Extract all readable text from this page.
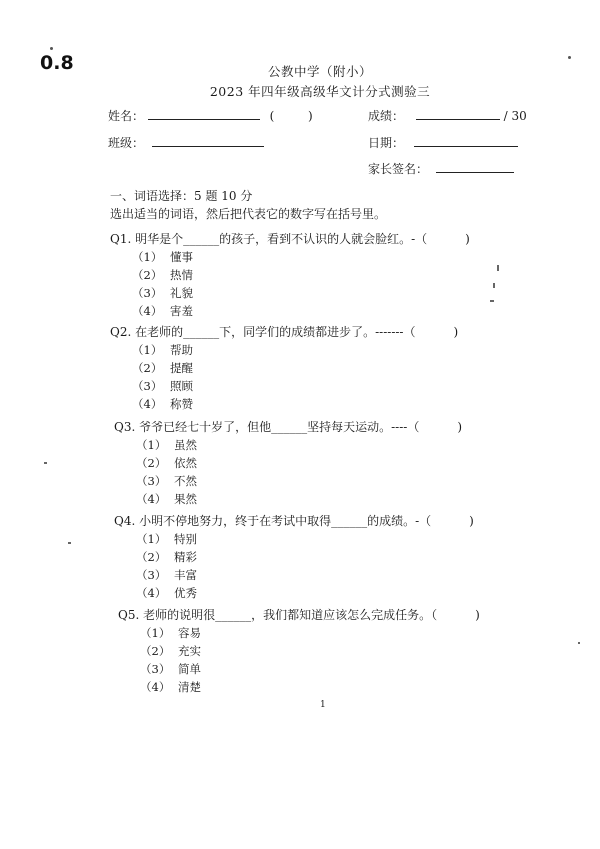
0.8	公教中学（附小）
2023 年四年级高级华文计分式测验三
姓名：	(	)	成绩：	/ 30
班级：	日期：
家长签名：
一、词语选择：5 题 10 分
选出适当的词语，然后把代表它的数字写在括号里。
Q1. 明华是个______的孩子，看到不认识的人就会脸红。-（	)
（1） 懂事
（2） 热情
（3） 礼貌
（4） 害羞
Q2. 在老师的______下，同学们的成绩都进步了。-------（	)
（1） 帮助
（2） 提醒
（3） 照顾
（4） 称赞
Q3. 爷爷已经七十岁了，但他______坚持每天运动。----（	)
（1） 虽然
（2） 依然
（3） 不然
（4） 果然
Q4. 小明不停地努力，终于在考试中取得______的成绩。-（	)
（1） 特别
（2） 精彩
（3） 丰富
（4） 优秀
Q5. 老师的说明很______，我们都知道应该怎么完成任务。（	)
（1） 容易
（2） 充实
（3） 简单
（4） 清楚
1
